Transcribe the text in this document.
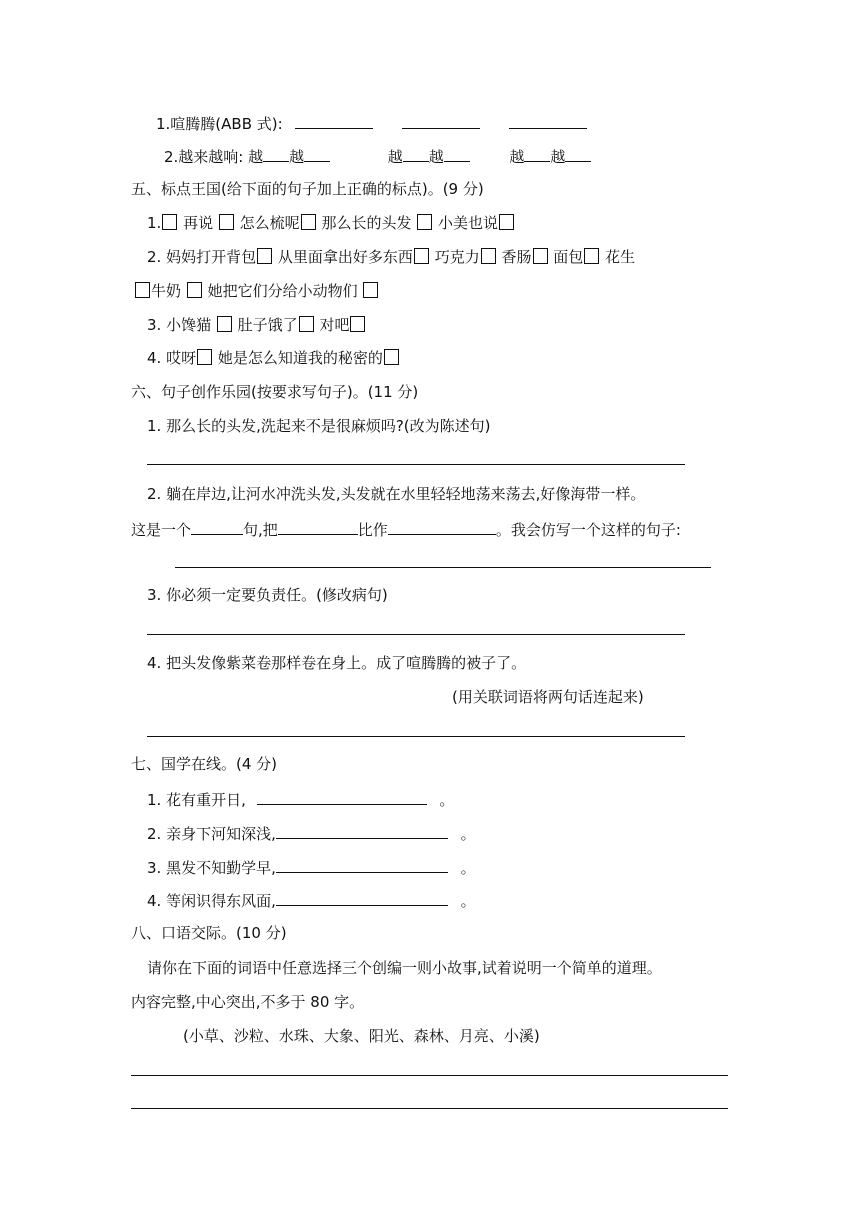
1.喧腾腾(ABB 式):
2.越来越响: 越 越	越 越	越 越
五、标点王国(给下面的句子加上正确的标点)。(9 分)
1. 再说 怎么梳呢 那么长的头发 小美也说
2. 妈妈打开背包 从里面拿出好多东西 巧克力 香肠 面包 花生
牛奶 她把它们分给小动物们
3. 小馋猫 肚子饿了 对吧
4. 哎呀 她是怎么知道我的秘密的
六、句子创作乐园(按要求写句子)。(11 分)
1. 那么长的头发,洗起来不是很麻烦吗?(改为陈述句)
2. 躺在岸边,让河水冲洗头发,头发就在水里轻轻地荡来荡去,好像海带一样。
这是一个	句,把	比作	。我会仿写一个这样的句子:
3. 你必须一定要负责任。(修改病句)
4. 把头发像紫菜卷那样卷在身上。成了喧腾腾的被子了。
(用关联词语将两句话连起来)
七、国学在线。(4 分)
1. 花有重开日,	。
2. 亲身下河知深浅,	。
3. 黑发不知勤学早,	。
4. 等闲识得东风面,	。
八、口语交际。(10 分)
请你在下面的词语中任意选择三个创编一则小故事,试着说明一个简单的道理。
内容完整,中心突出,不多于 80 字。
(小草、沙粒、水珠、大象、阳光、森林、月亮、小溪)
